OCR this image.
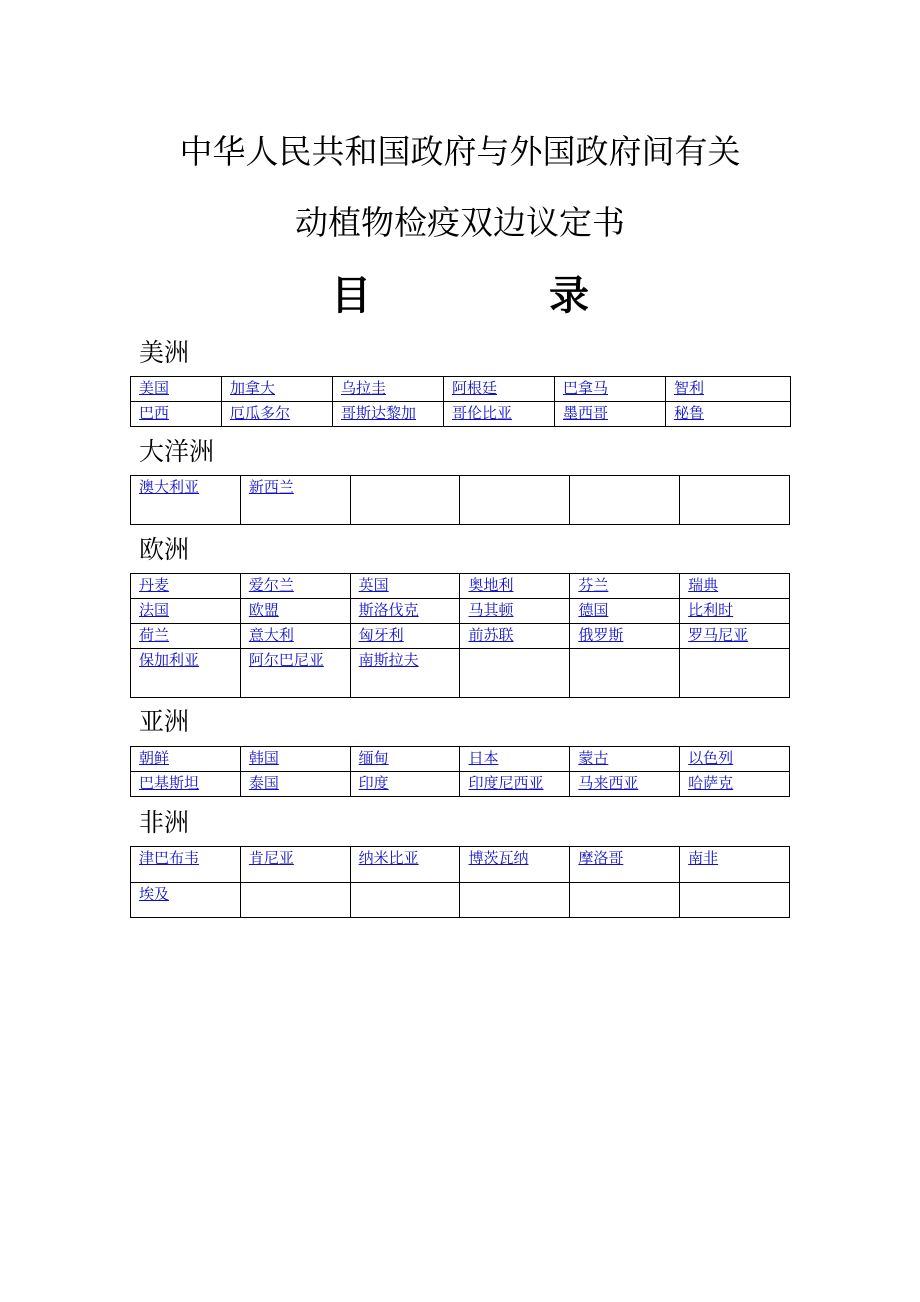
中华人民共和国政府与外国政府间有关
动植物检疫双边议定书
目	录
美洲
美国	加拿大	乌拉圭	阿根廷	巴拿马	智利
巴西	厄瓜多尔	哥斯达黎加	哥伦比亚	墨西哥	秘鲁
大洋洲
澳大利亚	新西兰				
欧洲
丹麦	爱尔兰	英国	奥地利	芬兰	瑞典
法国	欧盟	斯洛伐克	马其顿	德国	比利时
荷兰	意大利	匈牙利	前苏联	俄罗斯	罗马尼亚
保加利亚	阿尔巴尼亚	南斯拉夫			
亚洲
朝鲜	韩国	缅甸	日本	蒙古	以色列
巴基斯坦	泰国	印度	印度尼西亚	马来西亚	哈萨克
非洲
津巴布韦	肯尼亚	纳米比亚	博茨瓦纳	摩洛哥	南非
埃及					
